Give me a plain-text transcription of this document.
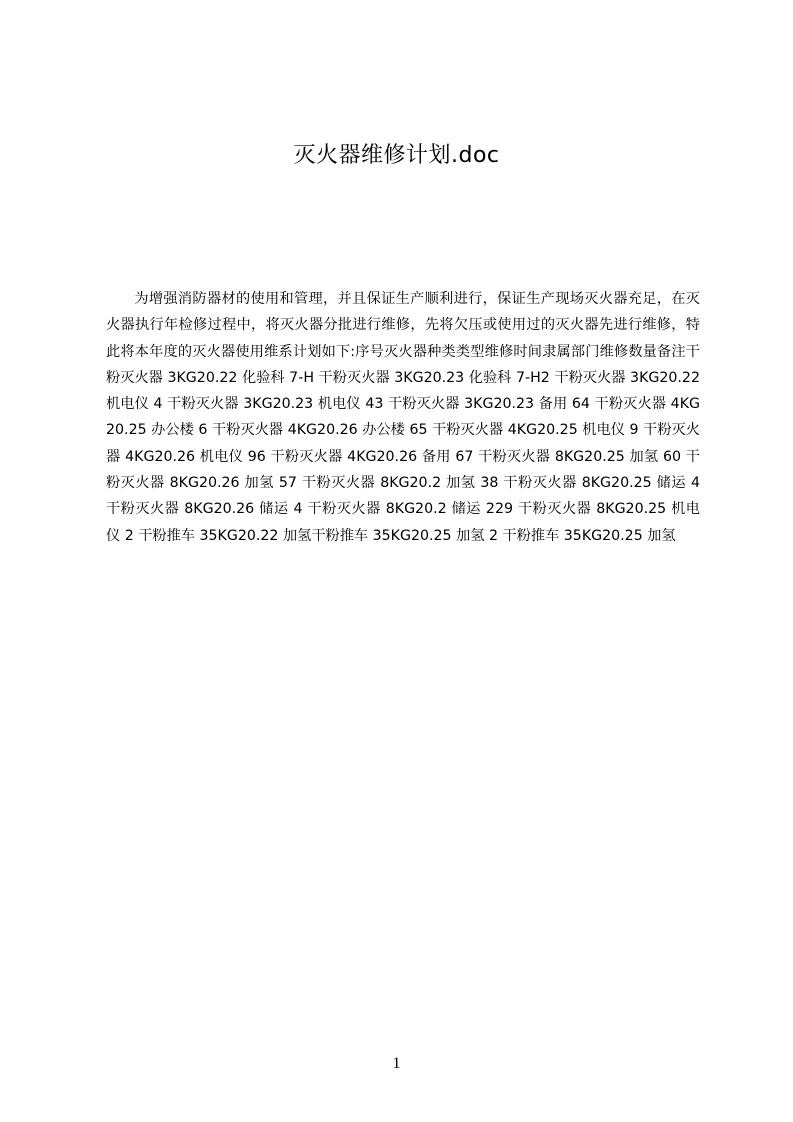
灭火器维修计划.doc

为增强消防器材的使用和管理，并且保证生产顺利进行，保证生产现场灭火器充足，在灭火器执行年检修过程中，将灭火器分批进行维修，先将欠压或使用过的灭火器先进行维修，特此将本年度的灭火器使用维系计划如下:序号灭火器种类类型维修时间隶属部门维修数量备注干粉灭火器 3KG20.22 化验科 7-H 干粉灭火器 3KG20.23 化验科 7-H2 干粉灭火器 3KG20.22 机电仪 4 干粉灭火器 3KG20.23 机电仪 43 干粉灭火器 3KG20.23 备用 64 干粉灭火器 4KG20.25 办公楼 6 干粉灭火器 4KG20.26 办公楼 65 干粉灭火器 4KG20.25 机电仪 9 干粉灭火器 4KG20.26 机电仪 96 干粉灭火器 4KG20.26 备用 67 干粉灭火器 8KG20.25 加氢 60 干粉灭火器 8KG20.26 加氢 57 干粉灭火器 8KG20.2 加氢 38 干粉灭火器 8KG20.25 储运 4 干粉灭火器 8KG20.26 储运 4 干粉灭火器 8KG20.2 储运 229 干粉灭火器 8KG20.25 机电仪 2 干粉推车 35KG20.22 加氢干粉推车 35KG20.25 加氢 2 干粉推车 35KG20.25 加氢

1
